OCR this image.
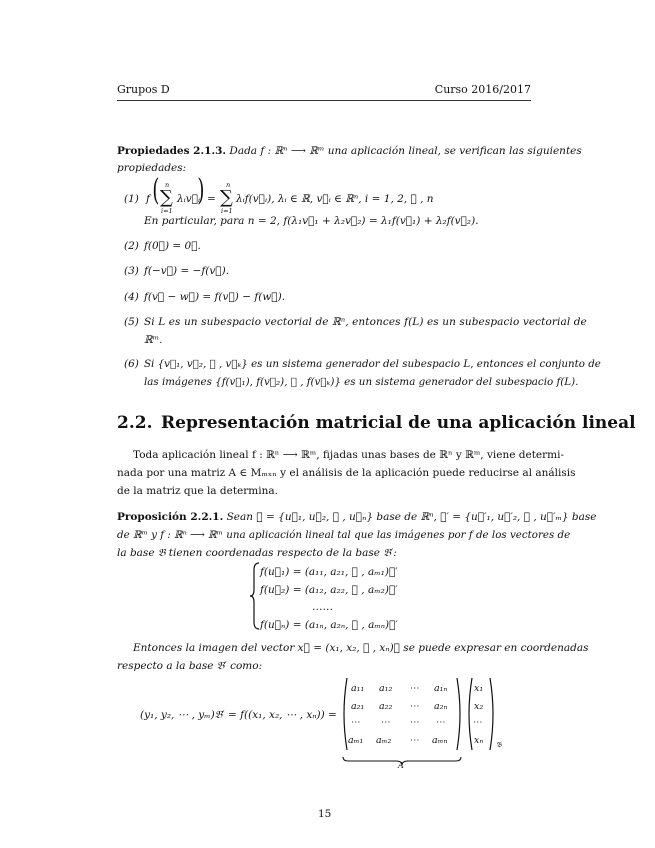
Grupos D	Curso 2016/2017
Propiedades 2.1.3. Dada f : ℝⁿ ⟶ ℝᵐ una aplicación lineal, se verifican las siguientes
propiedades:
(1) f ( n
∑
i=1
λᵢv⃗ᵢ
) =
n
∑
i=1
λᵢf(v⃗ᵢ), λᵢ ∈ ℝ, v⃗ᵢ ∈ ℝⁿ, i = 1, 2, ⋯ , n
En particular, para n = 2, f(λ₁v⃗₁ + λ₂v⃗₂) = λ₁f(v⃗₁) + λ₂f(v⃗₂).
(2) f(0⃗) = 0⃗.
(3) f(−v⃗) = −f(v⃗).
(4) f(v⃗ − w⃗) = f(v⃗) − f(w⃗).
(5) Si L es un subespacio vectorial de ℝⁿ, entonces f(L) es un subespacio vectorial de
ℝᵐ.
(6) Si {v⃗₁, v⃗₂, ⋯ , v⃗ₖ} es un sistema generador del subespacio L, entonces el conjunto de
las imágenes {f(v⃗₁), f(v⃗₂), ⋯ , f(v⃗ₖ)} es un sistema generador del subespacio f(L).
2.2. Representación matricial de una aplicación lineal
Toda aplicación lineal f : ℝⁿ ⟶ ℝᵐ, fijadas unas bases de ℝⁿ y ℝᵐ, viene determi-
nada por una matriz A ∈ Mₘₓₙ y el análisis de la aplicación puede reducirse al análisis
de la matriz que la determina.
Proposición 2.2.1. Sean 𝔅 = {u⃗₁, u⃗₂, ⋯ , u⃗ₙ} base de ℝⁿ, 𝔅′ = {u⃗′₁, u⃗′₂, ⋯ , u⃗′ₘ} base
de ℝᵐ y f : ℝⁿ ⟶ ℝᵐ una aplicación lineal tal que las imágenes por f de los vectores de
la base 𝔅 tienen coordenadas respecto de la base 𝔅′:
f(u⃗₁) = (a₁₁, a₂₁, ⋯ , aₘ₁)𝔅′
f(u⃗₂) = (a₁₂, a₂₂, ⋯ , aₘ₂)𝔅′
……
f(u⃗ₙ) = (a₁ₙ, a₂ₙ, ⋯ , aₘₙ)𝔅′
Entonces la imagen del vector x⃗ = (x₁, x₂, ⋯ , xₙ)𝔅 se puede expresar en coordenadas
respecto a la base 𝔅′ como:
(y₁, y₂, ⋯ , yₘ)𝔅′ = f((x₁, x₂, ⋯ , xₙ)) =
a₁₁ a₁₂ ⋯ a₁ₙ
a₂₁ a₂₂ ⋯ a₂ₙ
⋯ ⋯ ⋯ ⋯
aₘ₁ aₘ₂ ⋯ aₘₙ
A
x₁
x₂
⋯
xₙ 𝔅
15
